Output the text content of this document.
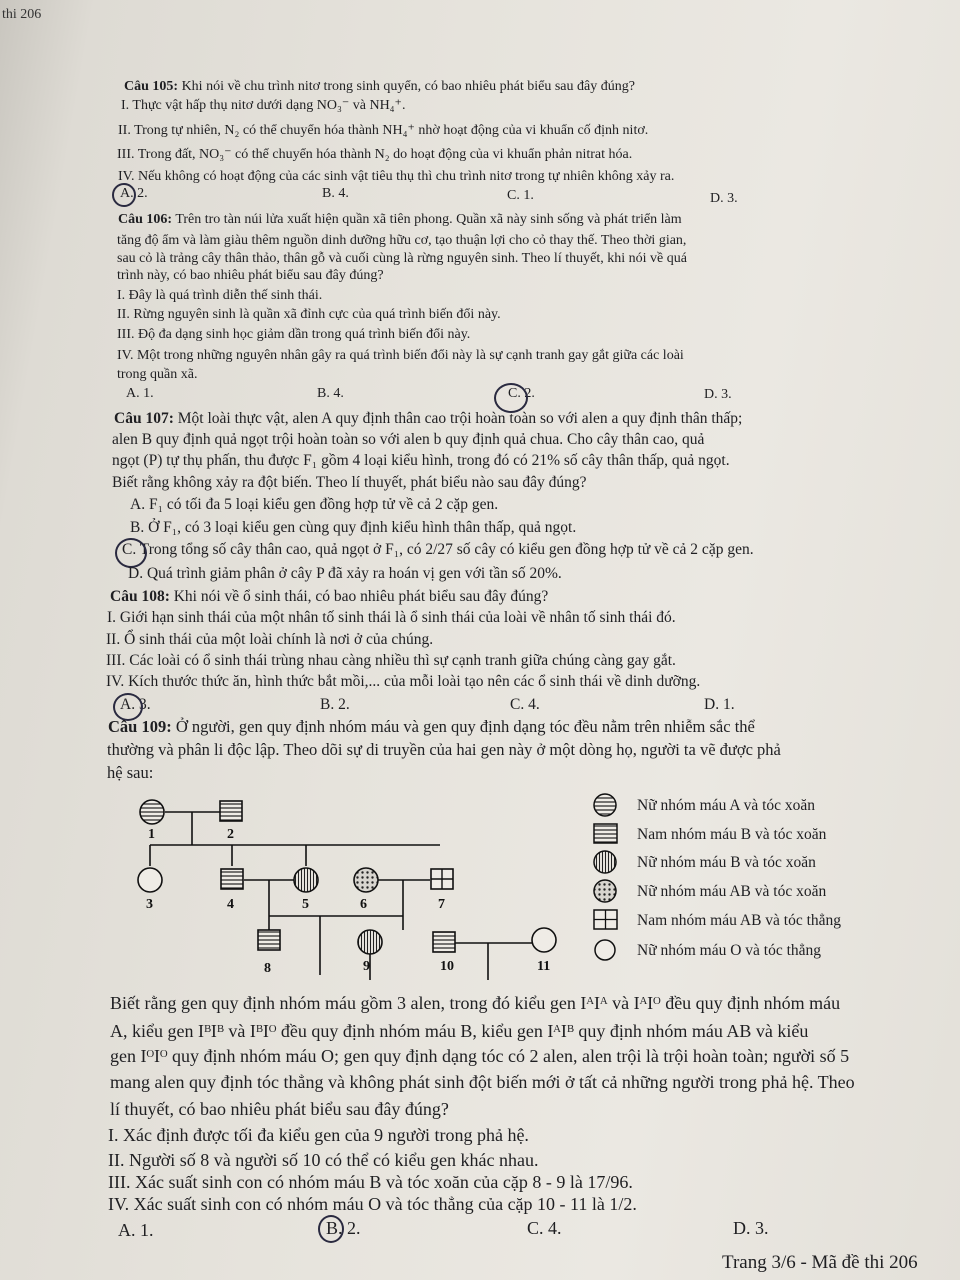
thi 206
Câu 105: Khi nói về chu trình nitơ trong sinh quyển, có bao nhiêu phát biểu sau đây đúng?
I. Thực vật hấp thụ nitơ dưới dạng NO₃⁻ và NH₄⁺.
II. Trong tự nhiên, N₂ có thể chuyển hóa thành NH₄⁺ nhờ hoạt động của vi khuẩn cố định nitơ.
III. Trong đất, NO₃⁻ có thể chuyển hóa thành N₂ do hoạt động của vi khuẩn phản nitrat hóa.
IV. Nếu không có hoạt động của các sinh vật tiêu thụ thì chu trình nitơ trong tự nhiên không xảy ra.
A. 2.	B. 4.	C. 1.	D. 3.
Câu 106: Trên tro tàn núi lửa xuất hiện quần xã tiên phong. Quần xã này sinh sống và phát triển làm
tăng độ ẩm và làm giàu thêm nguồn dinh dưỡng hữu cơ, tạo thuận lợi cho cỏ thay thế. Theo thời gian,
sau cỏ là trảng cây thân thảo, thân gỗ và cuối cùng là rừng nguyên sinh. Theo lí thuyết, khi nói về quá
trình này, có bao nhiêu phát biểu sau đây đúng?
I. Đây là quá trình diễn thế sinh thái.
II. Rừng nguyên sinh là quần xã đỉnh cực của quá trình biến đổi này.
III. Độ đa dạng sinh học giảm dần trong quá trình biến đổi này.
IV. Một trong những nguyên nhân gây ra quá trình biến đổi này là sự cạnh tranh gay gắt giữa các loài
trong quần xã.
A. 1.	B. 4.	C. 2.	D. 3.
Câu 107: Một loài thực vật, alen A quy định thân cao trội hoàn toàn so với alen a quy định thân thấp;
alen B quy định quả ngọt trội hoàn toàn so với alen b quy định quả chua. Cho cây thân cao, quả
ngọt (P) tự thụ phấn, thu được F₁ gồm 4 loại kiểu hình, trong đó có 21% số cây thân thấp, quả ngọt.
Biết rằng không xảy ra đột biến. Theo lí thuyết, phát biểu nào sau đây đúng?
A. F₁ có tối đa 5 loại kiểu gen đồng hợp tử về cả 2 cặp gen.
B. Ở F₁, có 3 loại kiểu gen cùng quy định kiểu hình thân thấp, quả ngọt.
C. Trong tổng số cây thân cao, quả ngọt ở F₁, có 2/27 số cây có kiểu gen đồng hợp tử về cả 2 cặp gen.
D. Quá trình giảm phân ở cây P đã xảy ra hoán vị gen với tần số 20%.
Câu 108: Khi nói về ổ sinh thái, có bao nhiêu phát biểu sau đây đúng?
I. Giới hạn sinh thái của một nhân tố sinh thái là ổ sinh thái của loài về nhân tố sinh thái đó.
II. Ổ sinh thái của một loài chính là nơi ở của chúng.
III. Các loài có ổ sinh thái trùng nhau càng nhiều thì sự cạnh tranh giữa chúng càng gay gắt.
IV. Kích thước thức ăn, hình thức bắt mồi,... của mỗi loài tạo nên các ổ sinh thái về dinh dưỡng.
A. 3.	B. 2.	C. 4.	D. 1.
Câu 109: Ở người, gen quy định nhóm máu và gen quy định dạng tóc đều nằm trên nhiễm sắc thể
thường và phân li độc lập. Theo dõi sự di truyền của hai gen này ở một dòng họ, người ta vẽ được phả
hệ sau:
1	2
3	4	5	6	7
8	9	10	11
Nữ nhóm máu A và tóc xoăn
Nam nhóm máu B và tóc xoăn
Nữ nhóm máu B và tóc xoăn
Nữ nhóm máu AB và tóc xoăn
Nam nhóm máu AB và tóc thẳng
Nữ nhóm máu O và tóc thẳng
Biết rằng gen quy định nhóm máu gồm 3 alen, trong đó kiểu gen IᴬIᴬ và IᴬIᴼ đều quy định nhóm máu
A, kiểu gen IᴮIᴮ và IᴮIᴼ đều quy định nhóm máu B, kiểu gen IᴬIᴮ quy định nhóm máu AB và kiểu
gen IᴼIᴼ quy định nhóm máu O; gen quy định dạng tóc có 2 alen, alen trội là trội hoàn toàn; người số 5
mang alen quy định tóc thẳng và không phát sinh đột biến mới ở tất cả những người trong phả hệ. Theo
lí thuyết, có bao nhiêu phát biểu sau đây đúng?
I. Xác định được tối đa kiểu gen của 9 người trong phả hệ.
II. Người số 8 và người số 10 có thể có kiểu gen khác nhau.
III. Xác suất sinh con có nhóm máu B và tóc xoăn của cặp 8 - 9 là 17/96.
IV. Xác suất sinh con có nhóm máu O và tóc thẳng của cặp 10 - 11 là 1/2.
A. 1.	B. 2.	C. 4.	D. 3.
Trang 3/6 - Mã đề thi 206
